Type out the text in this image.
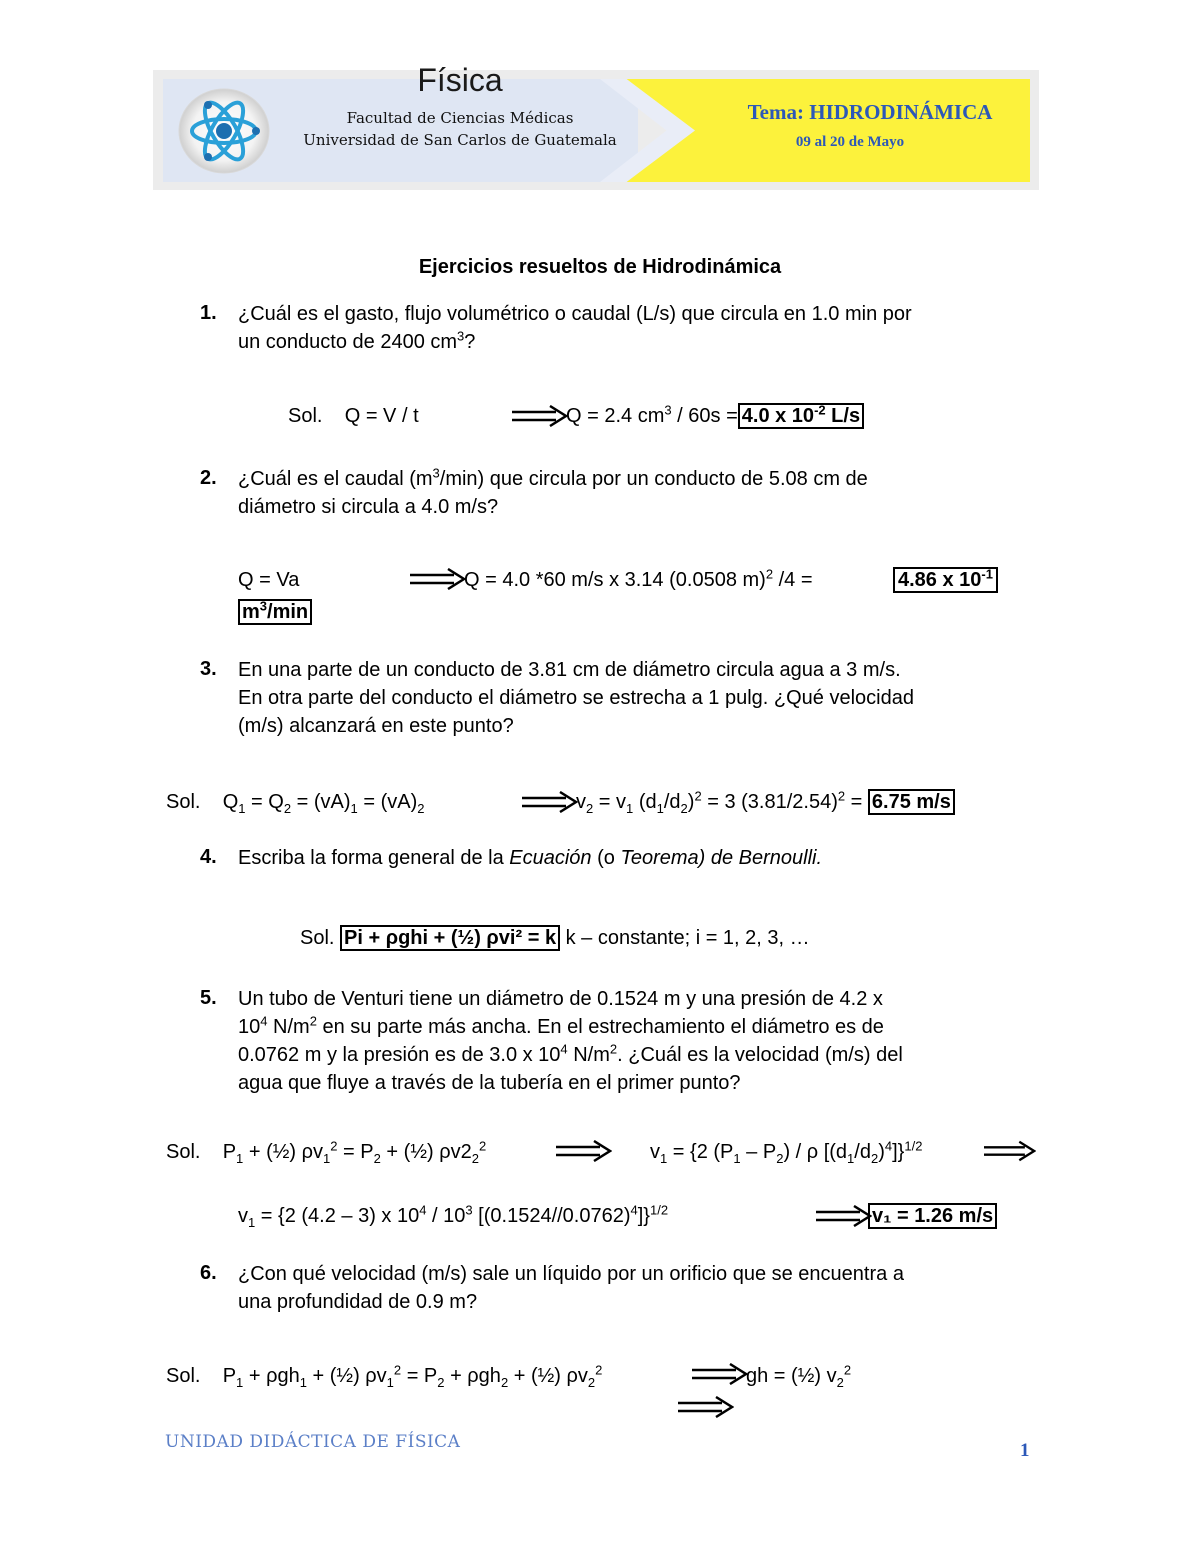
Física
Facultad de Ciencias Médicas
Universidad de San Carlos de Guatemala
Tema: HIDRODINÁMICA
09 al 20 de Mayo
Ejercicios resueltos de Hidrodinámica
1. ¿Cuál es el gasto, flujo volumétrico o caudal (L/s) que circula en 1.0 min por
un conducto de 2400 $cm^3$?
Sol. Q = V / t	Q = 2.4 $cm^3 / 60s = 4.0$ x $10^{-2}$ L/s
2. ¿Cuál es el caudal $(m^3/\min)$ que circula por un conducto de 5.08 cm de
diámetro si circula a 4.0 m/s?
Q = Va	Q = 4.0 *60 m/s x 3.14 (0.0508 m)$^2$ /4 =	4.86 x $10^{-1}$
$m^3/\min$
3. En una parte de un conducto de 3.81 cm de diámetro circula agua a 3 m/s.
En otra parte del conducto el diámetro se estrecha a 1 pulg. ¿Qué velocidad
(m/s) alcanzará en este punto?
Sol.    $Q_1 = Q_2 = (vA)_1 = (vA)_2$	$v_2 = v_1$ $(d_1/d_2)^2 = 3$ $(3.81/2.54)^2 = 6.75$ m/s
4. Escriba la forma general de la Ecuación (o Teorema) de Bernoulli.
Sol. Pi + ρghi + (½) ρvi² = k k – constante; i = 1, 2, 3, …
5. Un tubo de Venturi tiene un diámetro de 0.1524 m y una presión de 4.2 x
$10^4$ $N/m^2$ en su parte más ancha. En el estrechamiento el diámetro es de
0.0762 m y la presión es de 3.0 x $10^4$ $N/m^2$. ¿Cuál es la velocidad (m/s) del
agua que fluye a través de la tubería en el primer punto?
Sol.    $P_1$ + (½) $\rho v_1^2 = P_2$ + (½) $\rho v2_2^2$	$v_1 = \{2$ $(P_1 - P_2)$ / ρ $[(d_1/d_2)^4]\}^{1/2}$
$v_1 = \{2$ (4.2 – 3) x $10^4 / 10^3$ $[(0.1524//0.0762)^4]\}^{1/2}$	v₁ = 1.26 m/s
6. ¿Con qué velocidad (m/s) sale un líquido por un orificio que se encuentra a
una profundidad de 0.9 m?
Sol.    $P_1 + \rho gh_1$ + (½) $\rho v_1^2 = P_2 + \rho gh_2$ + (½) $\rho v_2^2$	gh = (½) $v_2^2$
UNIDAD DIDÁCTICA DE FÍSICA	1
